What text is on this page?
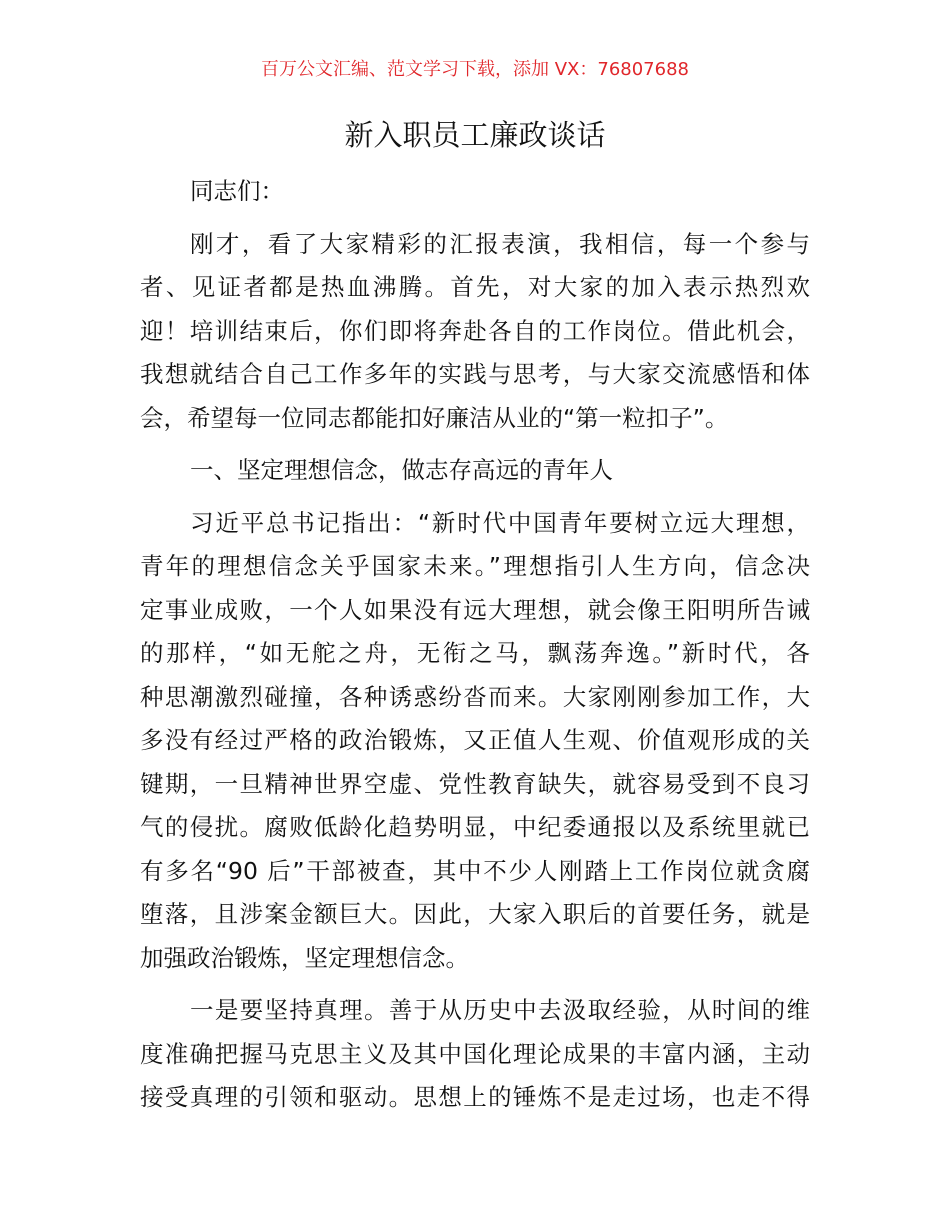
百万公文汇编、范文学习下载，添加 VX：76807688
新入职员工廉政谈话
同志们：
刚才，看了大家精彩的汇报表演，我相信，每一个参与
者、见证者都是热血沸腾。首先，对大家的加入表示热烈欢
迎！培训结束后，你们即将奔赴各自的工作岗位。借此机会，
我想就结合自己工作多年的实践与思考，与大家交流感悟和体
会，希望每一位同志都能扣好廉洁从业的“第一粒扣子”。
一、坚定理想信念，做志存高远的青年人
习近平总书记指出：“新时代中国青年要树立远大理想，
青年的理想信念关乎国家未来。”理想指引人生方向，信念决
定事业成败，一个人如果没有远大理想，就会像王阳明所告诫
的那样，“如无舵之舟，无衔之马，飘荡奔逸。”新时代，各
种思潮激烈碰撞，各种诱惑纷沓而来。大家刚刚参加工作，大
多没有经过严格的政治锻炼，又正值人生观、价值观形成的关
键期，一旦精神世界空虚、党性教育缺失，就容易受到不良习
气的侵扰。腐败低龄化趋势明显，中纪委通报以及系统里就已
有多名“90 后”干部被查，其中不少人刚踏上工作岗位就贪腐
堕落，且涉案金额巨大。因此，大家入职后的首要任务，就是
加强政治锻炼，坚定理想信念。
一是要坚持真理。善于从历史中去汲取经验，从时间的维
度准确把握马克思主义及其中国化理论成果的丰富内涵，主动
接受真理的引领和驱动。思想上的锤炼不是走过场，也走不得
